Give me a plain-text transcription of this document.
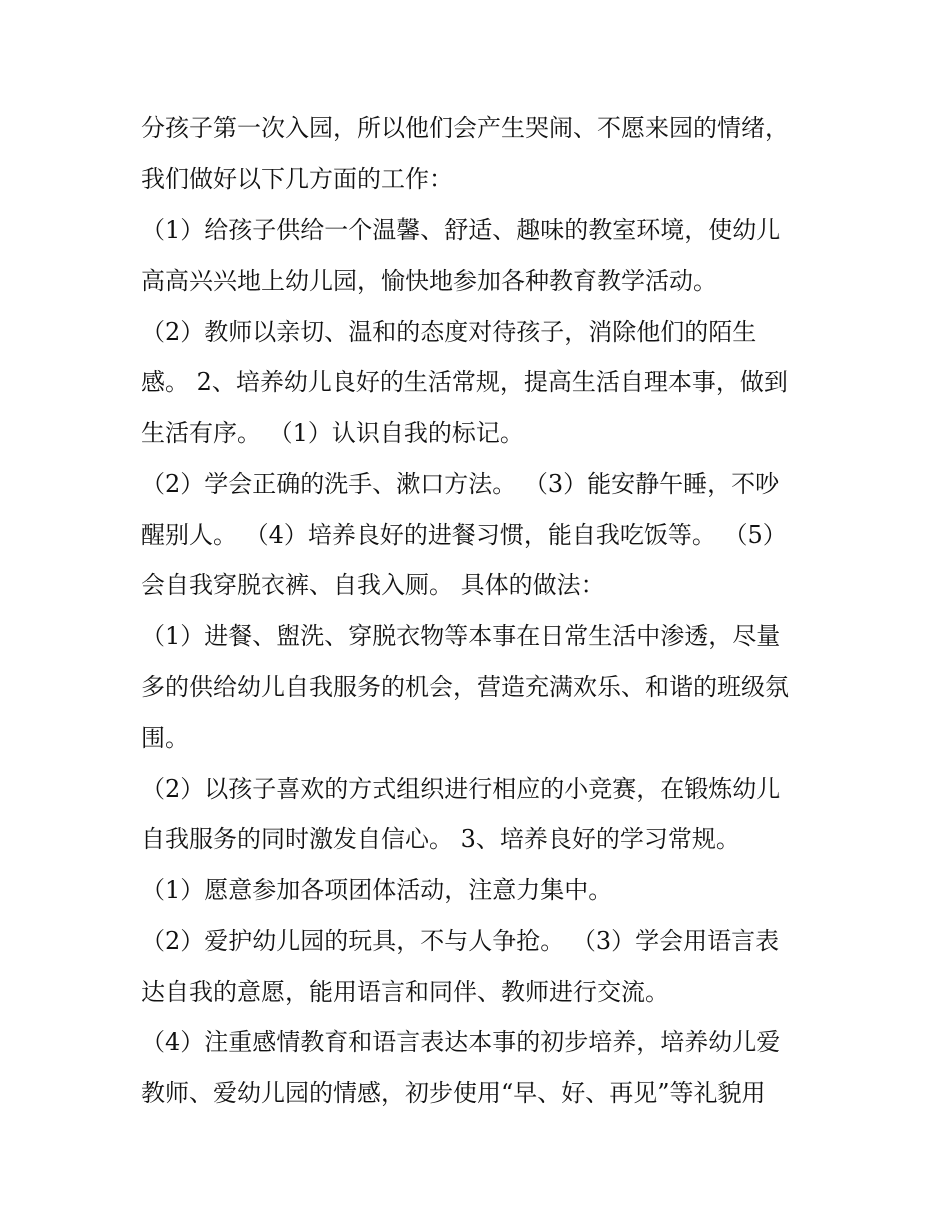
分孩子第一次入园，所以他们会产生哭闹、不愿来园的情绪，
我们做好以下几方面的工作：
（1）给孩子供给一个温馨、舒适、趣味的教室环境，使幼儿
高高兴兴地上幼儿园，愉快地参加各种教育教学活动。
（2）教师以亲切、温和的态度对待孩子，消除他们的陌生
感。 2、培养幼儿良好的生活常规，提高生活自理本事，做到
生活有序。 （1）认识自我的标记。
（2）学会正确的洗手、漱口方法。 （3）能安静午睡，不吵
醒别人。 （4）培养良好的进餐习惯，能自我吃饭等。 （5）
会自我穿脱衣裤、自我入厕。 具体的做法：
（1）进餐、盥洗、穿脱衣物等本事在日常生活中渗透，尽量
多的供给幼儿自我服务的机会，营造充满欢乐、和谐的班级氛
围。
（2）以孩子喜欢的方式组织进行相应的小竞赛，在锻炼幼儿
自我服务的同时激发自信心。 3、培养良好的学习常规。
（1）愿意参加各项团体活动，注意力集中。
（2）爱护幼儿园的玩具，不与人争抢。 （3）学会用语言表
达自我的意愿，能用语言和同伴、教师进行交流。
（4）注重感情教育和语言表达本事的初步培养，培养幼儿爱
教师、爱幼儿园的情感，初步使用“早、好、再见”等礼貌用
